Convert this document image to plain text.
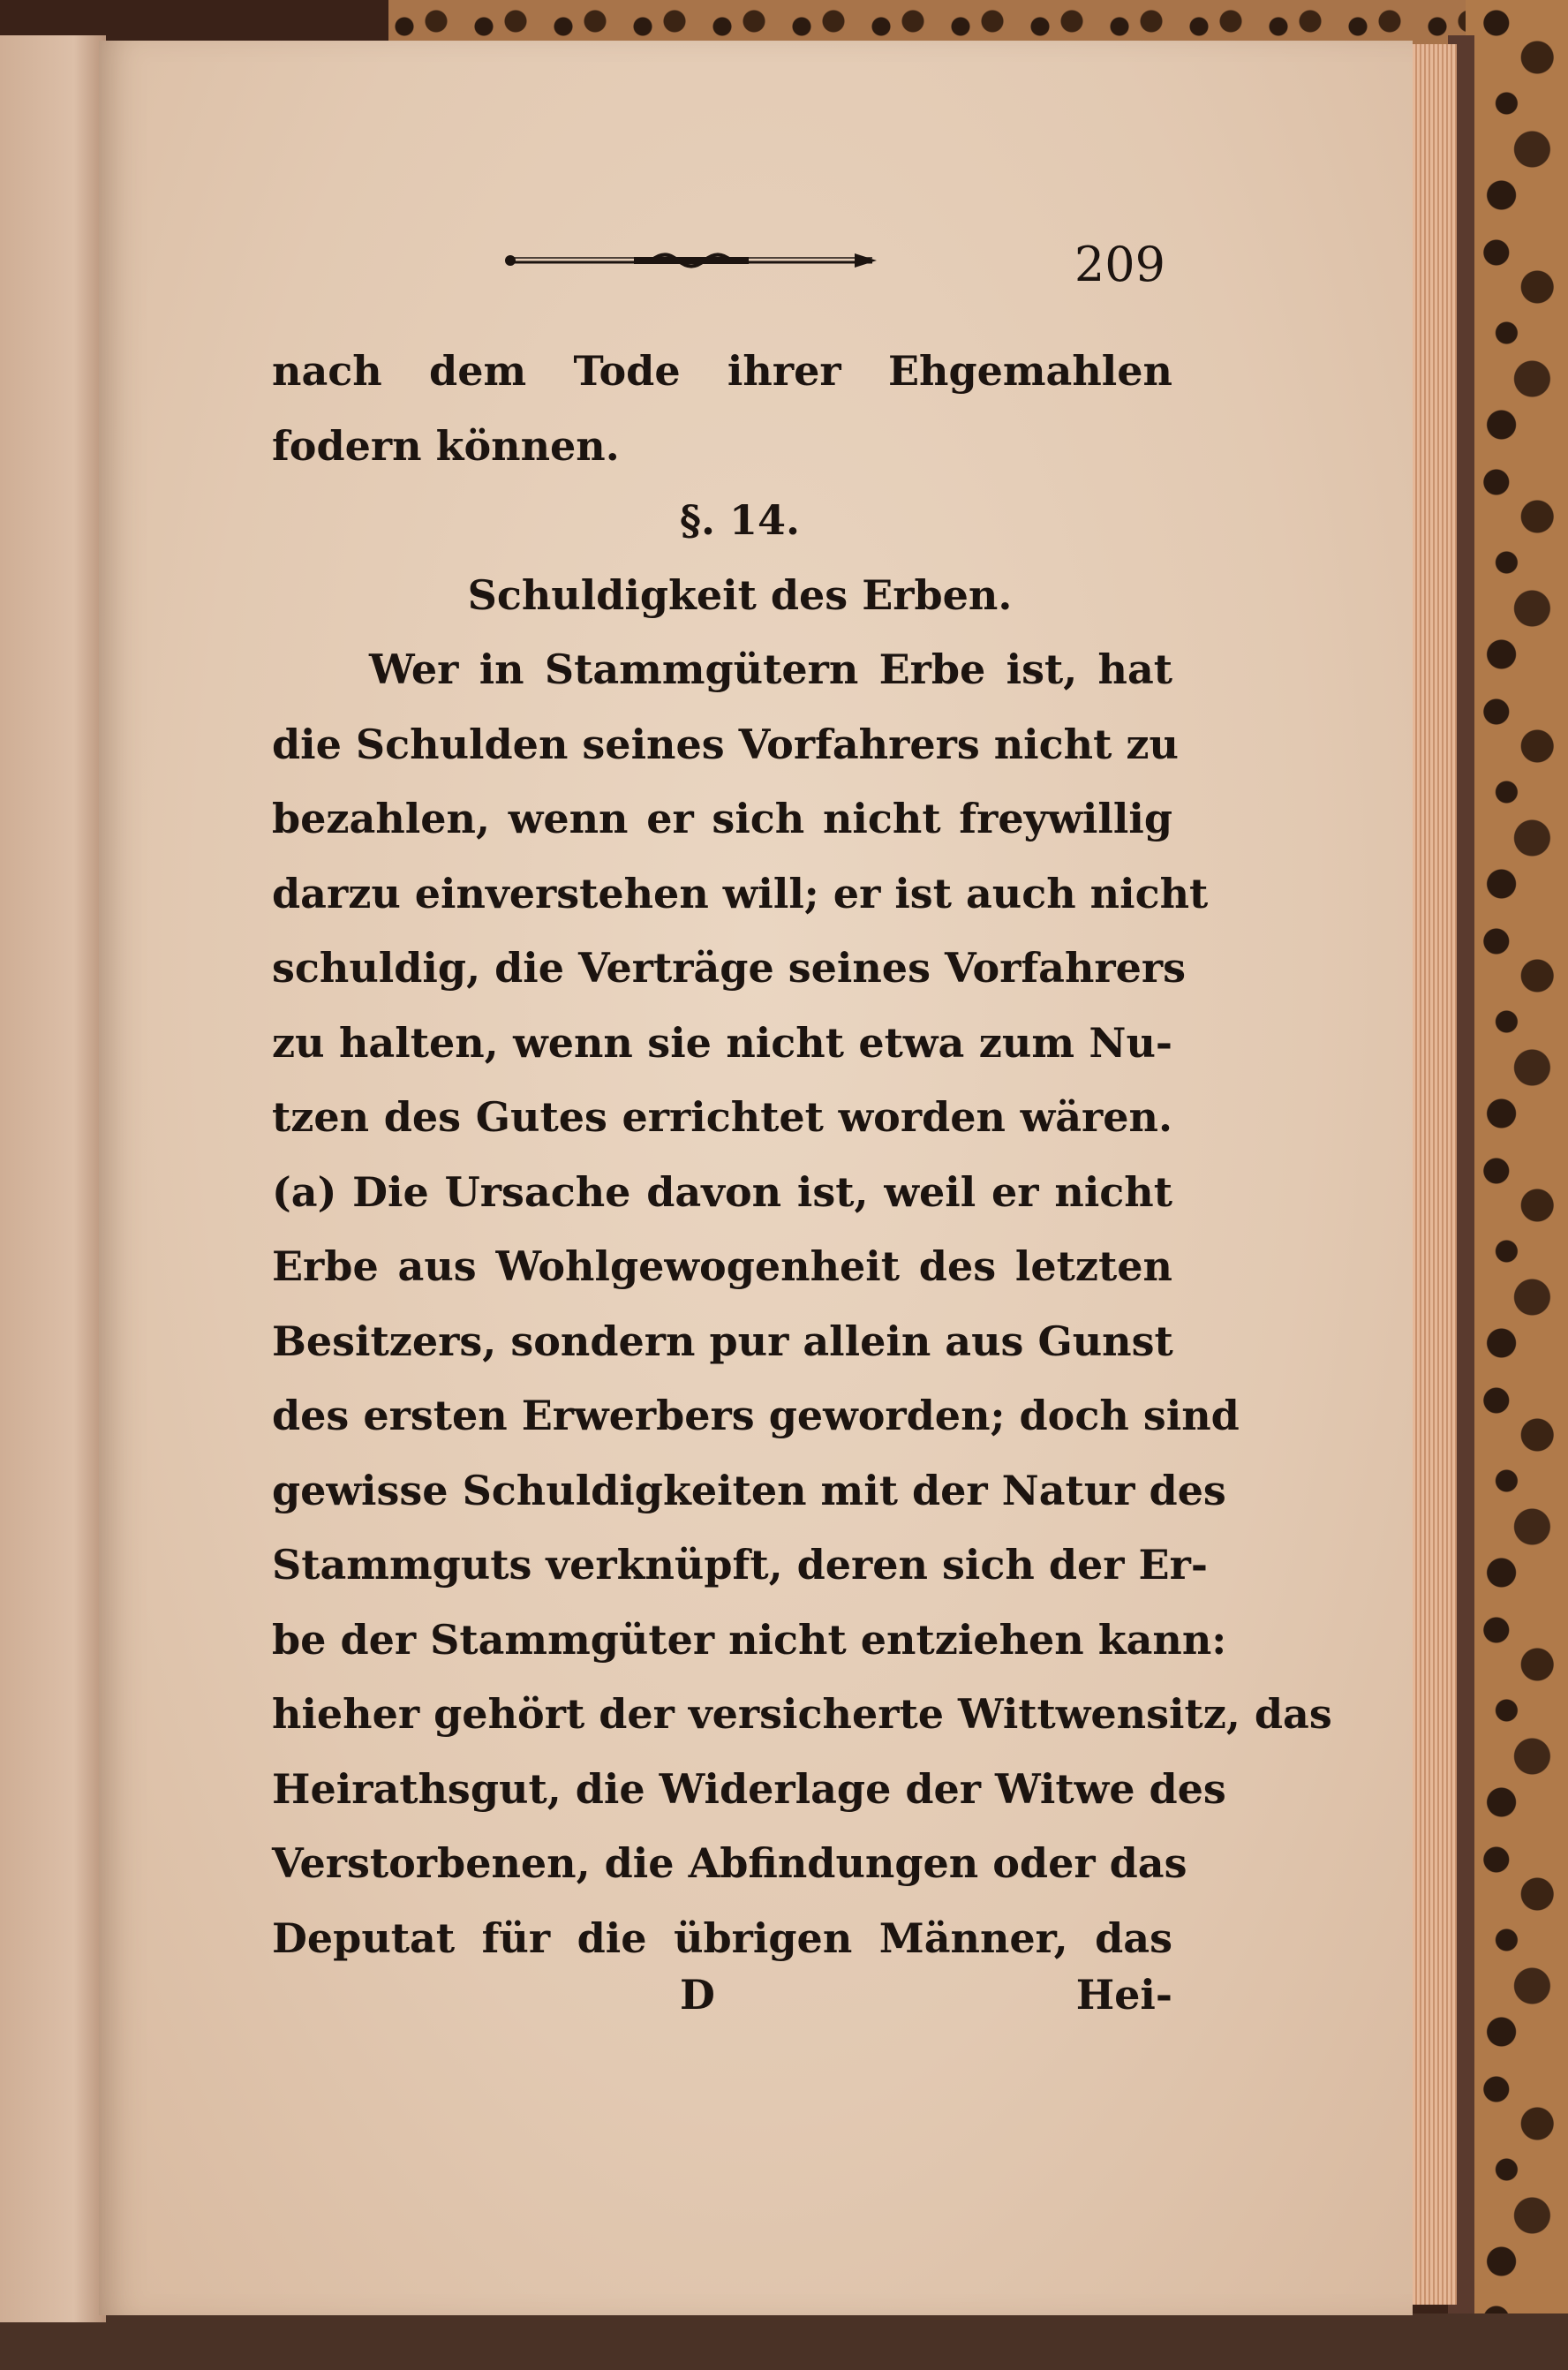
209
nach dem Tode ihrer Ehgemahlen
fodern können.
§. 14.
Schuldigkeit des Erben.
Wer in Stammgütern Erbe ist, hat
die Schulden seines Vorfahrers nicht zu
bezahlen, wenn er sich nicht freywillig
darzu einverstehen will; er ist auch nicht
schuldig, die Verträge seines Vorfahrers
zu halten, wenn sie nicht etwa zum Nu-
tzen des Gutes errichtet worden wären.
(a) Die Ursache davon ist, weil er nicht
Erbe aus Wohlgewogenheit des letzten
Besitzers, sondern pur allein aus Gunst
des ersten Erwerbers geworden; doch sind
gewisse Schuldigkeiten mit der Natur des
Stammguts verknüpft, deren sich der Er-
be der Stammgüter nicht entziehen kann:
hieher gehört der versicherte Wittwensitz, das
Heirathsgut, die Widerlage der Witwe des
Verstorbenen, die Abfindungen oder das
Deputat für die übrigen Männer, das
D	Hei-
